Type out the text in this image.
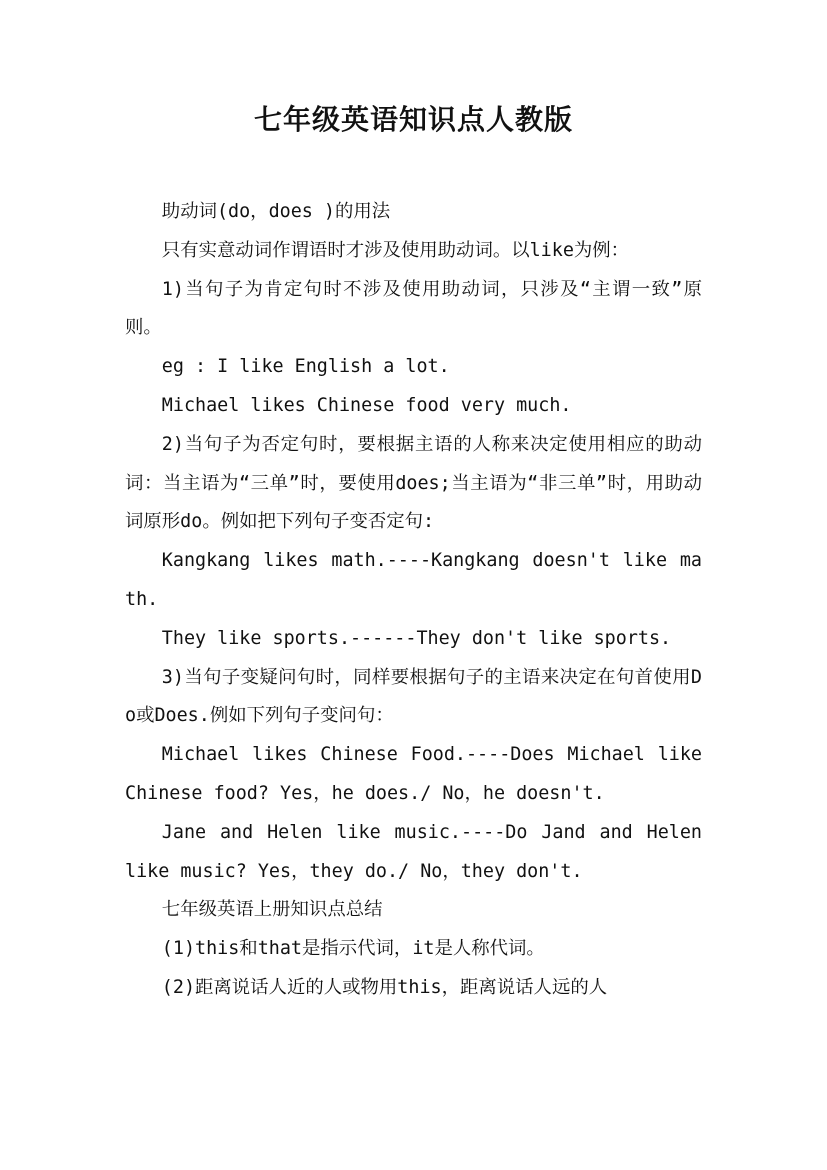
七年级英语知识点人教版

助动词(do，does )的用法

只有实意动词作谓语时才涉及使用助动词。以like为例：

1)当句子为肯定句时不涉及使用助动词，只涉及“主谓一致”原则。

eg : I like English a lot.

Michael likes Chinese food very much.

2)当句子为否定句时，要根据主语的人称来决定使用相应的助动词：当主语为“三单”时，要使用does;当主语为“非三单”时，用助动词原形do。例如把下列句子变否定句:

Kangkang likes math.----Kangkang doesn't like math.

They like sports.------They don't like sports.

3)当句子变疑问句时，同样要根据句子的主语来决定在句首使用Do或Does.例如下列句子变问句：

Michael likes Chinese Food.----Does Michael like Chinese food? Yes，he does./ No，he doesn't.

Jane and Helen like music.----Do Jand and Helen like music? Yes，they do./ No，they don't.

七年级英语上册知识点总结

(1)this和that是指示代词，it是人称代词。

(2)距离说话人近的人或物用this，距离说话人远的人
